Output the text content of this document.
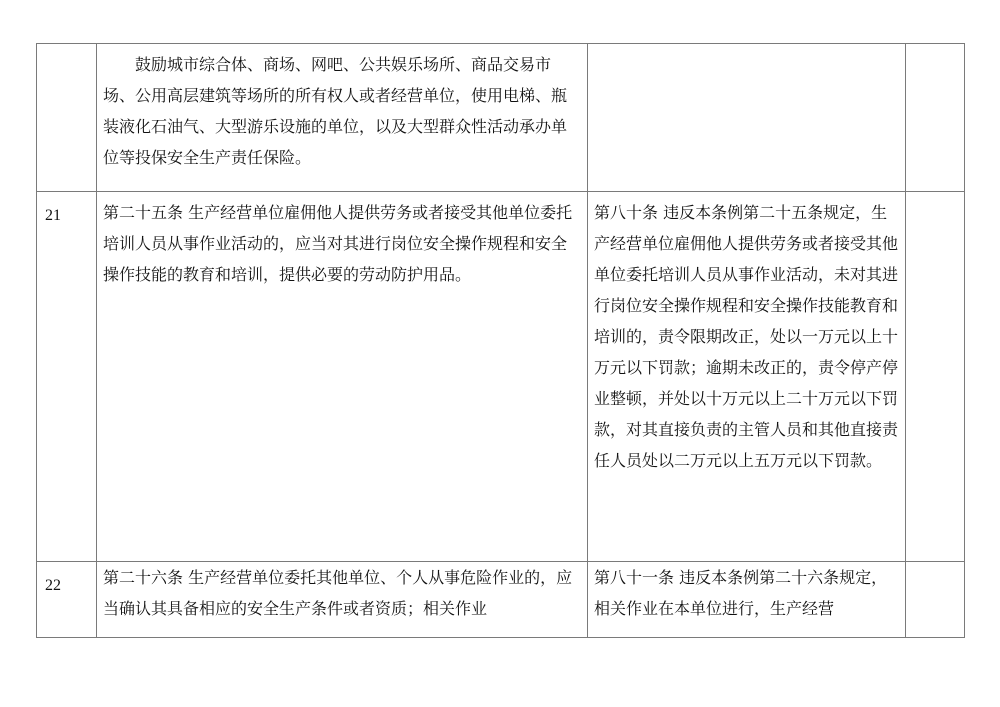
	鼓励城市综合体、商场、网吧、公共娱乐场所、商品交易市场、公用高层建筑等场所的所有权人或者经营单位，使用电梯、瓶装液化石油气、大型游乐设施的单位，以及大型群众性活动承办单位等投保安全生产责任保险。		
21	第二十五条 生产经营单位雇佣他人提供劳务或者接受其他单位委托培训人员从事作业活动的，应当对其进行岗位安全操作规程和安全操作技能的教育和培训，提供必要的劳动防护用品。	第八十条 违反本条例第二十五条规定，生产经营单位雇佣他人提供劳务或者接受其他单位委托培训人员从事作业活动，未对其进行岗位安全操作规程和安全操作技能教育和培训的，责令限期改正，处以一万元以上十万元以下罚款；逾期未改正的，责令停产停业整顿，并处以十万元以上二十万元以下罚款，对其直接负责的主管人员和其他直接责任人员处以二万元以上五万元以下罚款。	
22	第二十六条 生产经营单位委托其他单位、个人从事危险作业的，应当确认其具备相应的安全生产条件或者资质；相关作业	第八十一条 违反本条例第二十六条规定，相关作业在本单位进行，生产经营	
